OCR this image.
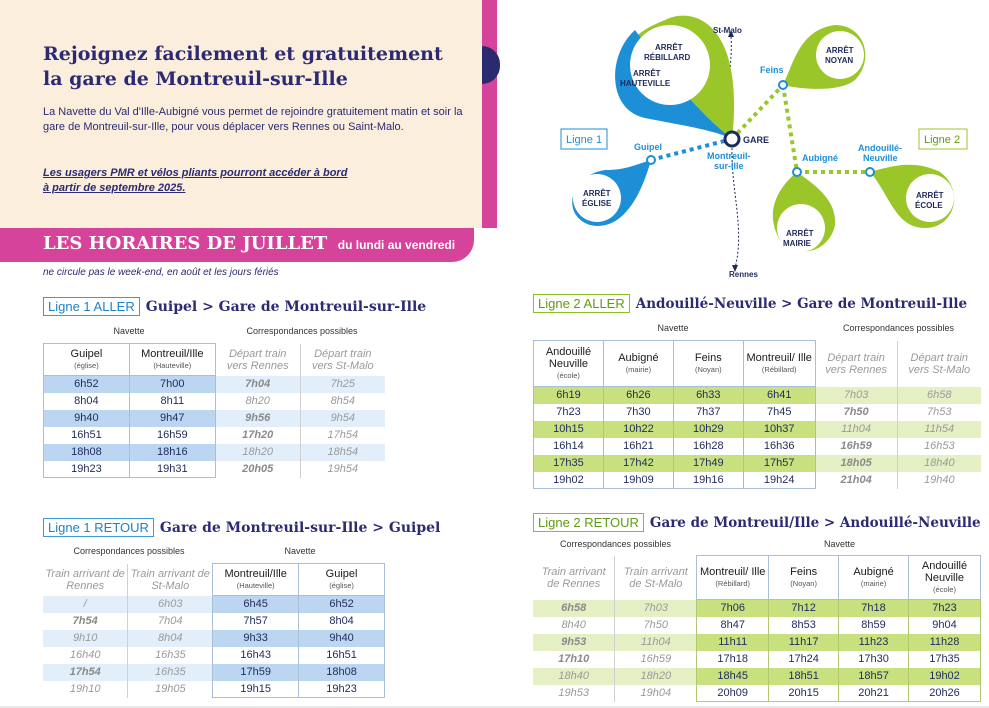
Rejoignez facilement et gratuitement
la gare de Montreuil-sur-Ille

La Navette du Val d'Ille-Aubigné vous permet de rejoindre gratuitement matin et soir la gare de Montreuil-sur-Ille, pour vous déplacer vers Rennes ou Saint-Malo.

Les usagers PMR et vélos pliants pourront accéder à bord
à partir de septembre 2025.
LES HORAIRES DE JUILLET du lundi au vendredi
ne circule pas le week-end, en août et les jours fériés
Ligne 1 ALLER Guipel > Gare de Montreuil-sur-Ille
Navette	Correspondances possibles
Guipel
(église)	Montreuil/Ille
(Hauteville)	Départ train vers Rennes	Départ train vers St-Malo
6h52	7h00	7h04	7h25
8h04	8h11	8h20	8h54
9h40	9h47	9h56	9h54
16h51	16h59	17h20	17h54
18h08	18h16	18h20	18h54
19h23	19h31	20h05	19h54
Ligne 1 RETOUR Gare de Montreuil-sur-Ille > Guipel
Correspondances possibles	Navette
Train arrivant de Rennes	Train arrivant de St-Malo	Montreuil/Ille
(Hauteville)	Guipel
(église)

/	6h03	6h45	6h52
7h54	7h04	7h57	8h04
9h10	8h04	9h33	9h40
16h40	16h35	16h43	16h51
17h54	16h35	17h59	18h08
19h10	19h05	19h15	19h23
St-Malo
Rennes
GARE
Montreuil-
sur-Ille
Guipel
Feins
Aubigné
Andouillé-
Neuville
ARRÊT
RÉBILLARD
ARRÊT
HAUTEVILLE
ARRÊT
NOYAN
ARRÊT
ÉGLISE
ARRÊT
MAIRIE
ARRÊT
ÉCOLE
Ligne 1	Ligne 2
Ligne 2 ALLER Andouillé-Neuville > Gare de Montreuil-Ille
Navette	Correspondances possibles
Andouillé Neuville
(école)	Aubigné
(mairie)	Feins
(Noyan)	Montreuil/ Ille
(Rébillard)	Départ train vers Rennes	Départ train vers St-Malo
6h19	6h26	6h33	6h41	7h03	6h58
7h23	7h30	7h37	7h45	7h50	7h53
10h15	10h22	10h29	10h37	11h04	11h54
16h14	16h21	16h28	16h36	16h59	16h53
17h35	17h42	17h49	17h57	18h05	18h40
19h02	19h09	19h16	19h24	21h04	19h40
Ligne 2 RETOUR Gare de Montreuil/Ille > Andouillé-Neuville
Correspondances possibles	Navette
Train arrivant de Rennes	Train arrivant de St-Malo	Montreuil/ Ille
(Rébillard)	Feins
(Noyan)	Aubigné
(mairie)	Andouillé Neuville
(école)

6h58	7h03	7h06	7h12	7h18	7h23
8h40	7h50	8h47	8h53	8h59	9h04
9h53	11h04	11h11	11h17	11h23	11h28
17h10	16h59	17h18	17h24	17h30	17h35
18h40	18h20	18h45	18h51	18h57	19h02
19h53	19h04	20h09	20h15	20h21	20h26
